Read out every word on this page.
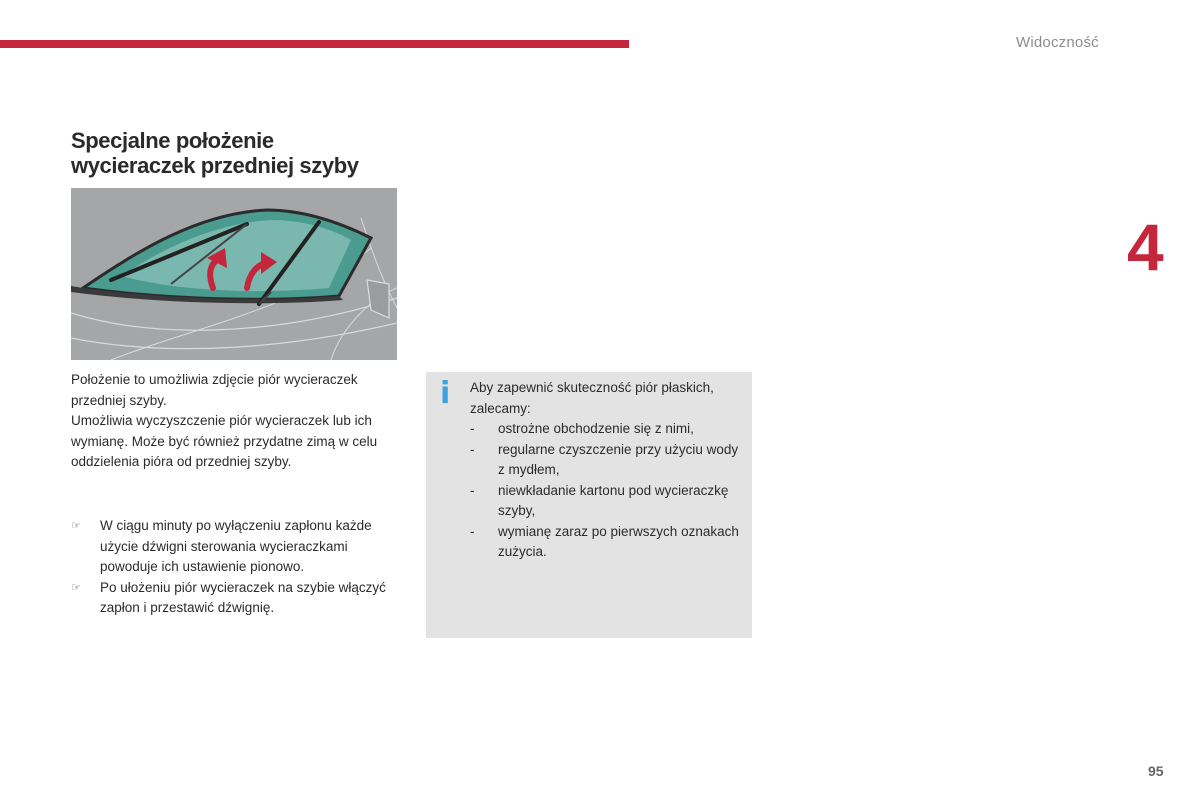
Widoczność
4
Specjalne położenie
wycieraczek przedniej szyby

Położenie to umożliwia zdjęcie piór wycieraczek przedniej szyby.
Umożliwia wyczyszczenie piór wycieraczek lub ich wymianę. Może być również przydatne zimą w celu oddzielenia pióra od przedniej szyby.

☞ W ciągu minuty po wyłączeniu zapłonu każde użycie dźwigni sterowania wycieraczkami powoduje ich ustawienie pionowo.
☞ Po ułożeniu piór wycieraczek na szybie włączyć zapłon i przestawić dźwignię.
i Aby zapewnić skuteczność piór płaskich, zalecamy:
- ostrożne obchodzenie się z nimi,
- regularne czyszczenie przy użyciu wody z mydłem,
- niewkładanie kartonu pod wycieraczkę szyby,
- wymianę zaraz po pierwszych oznakach zużycia.
95
